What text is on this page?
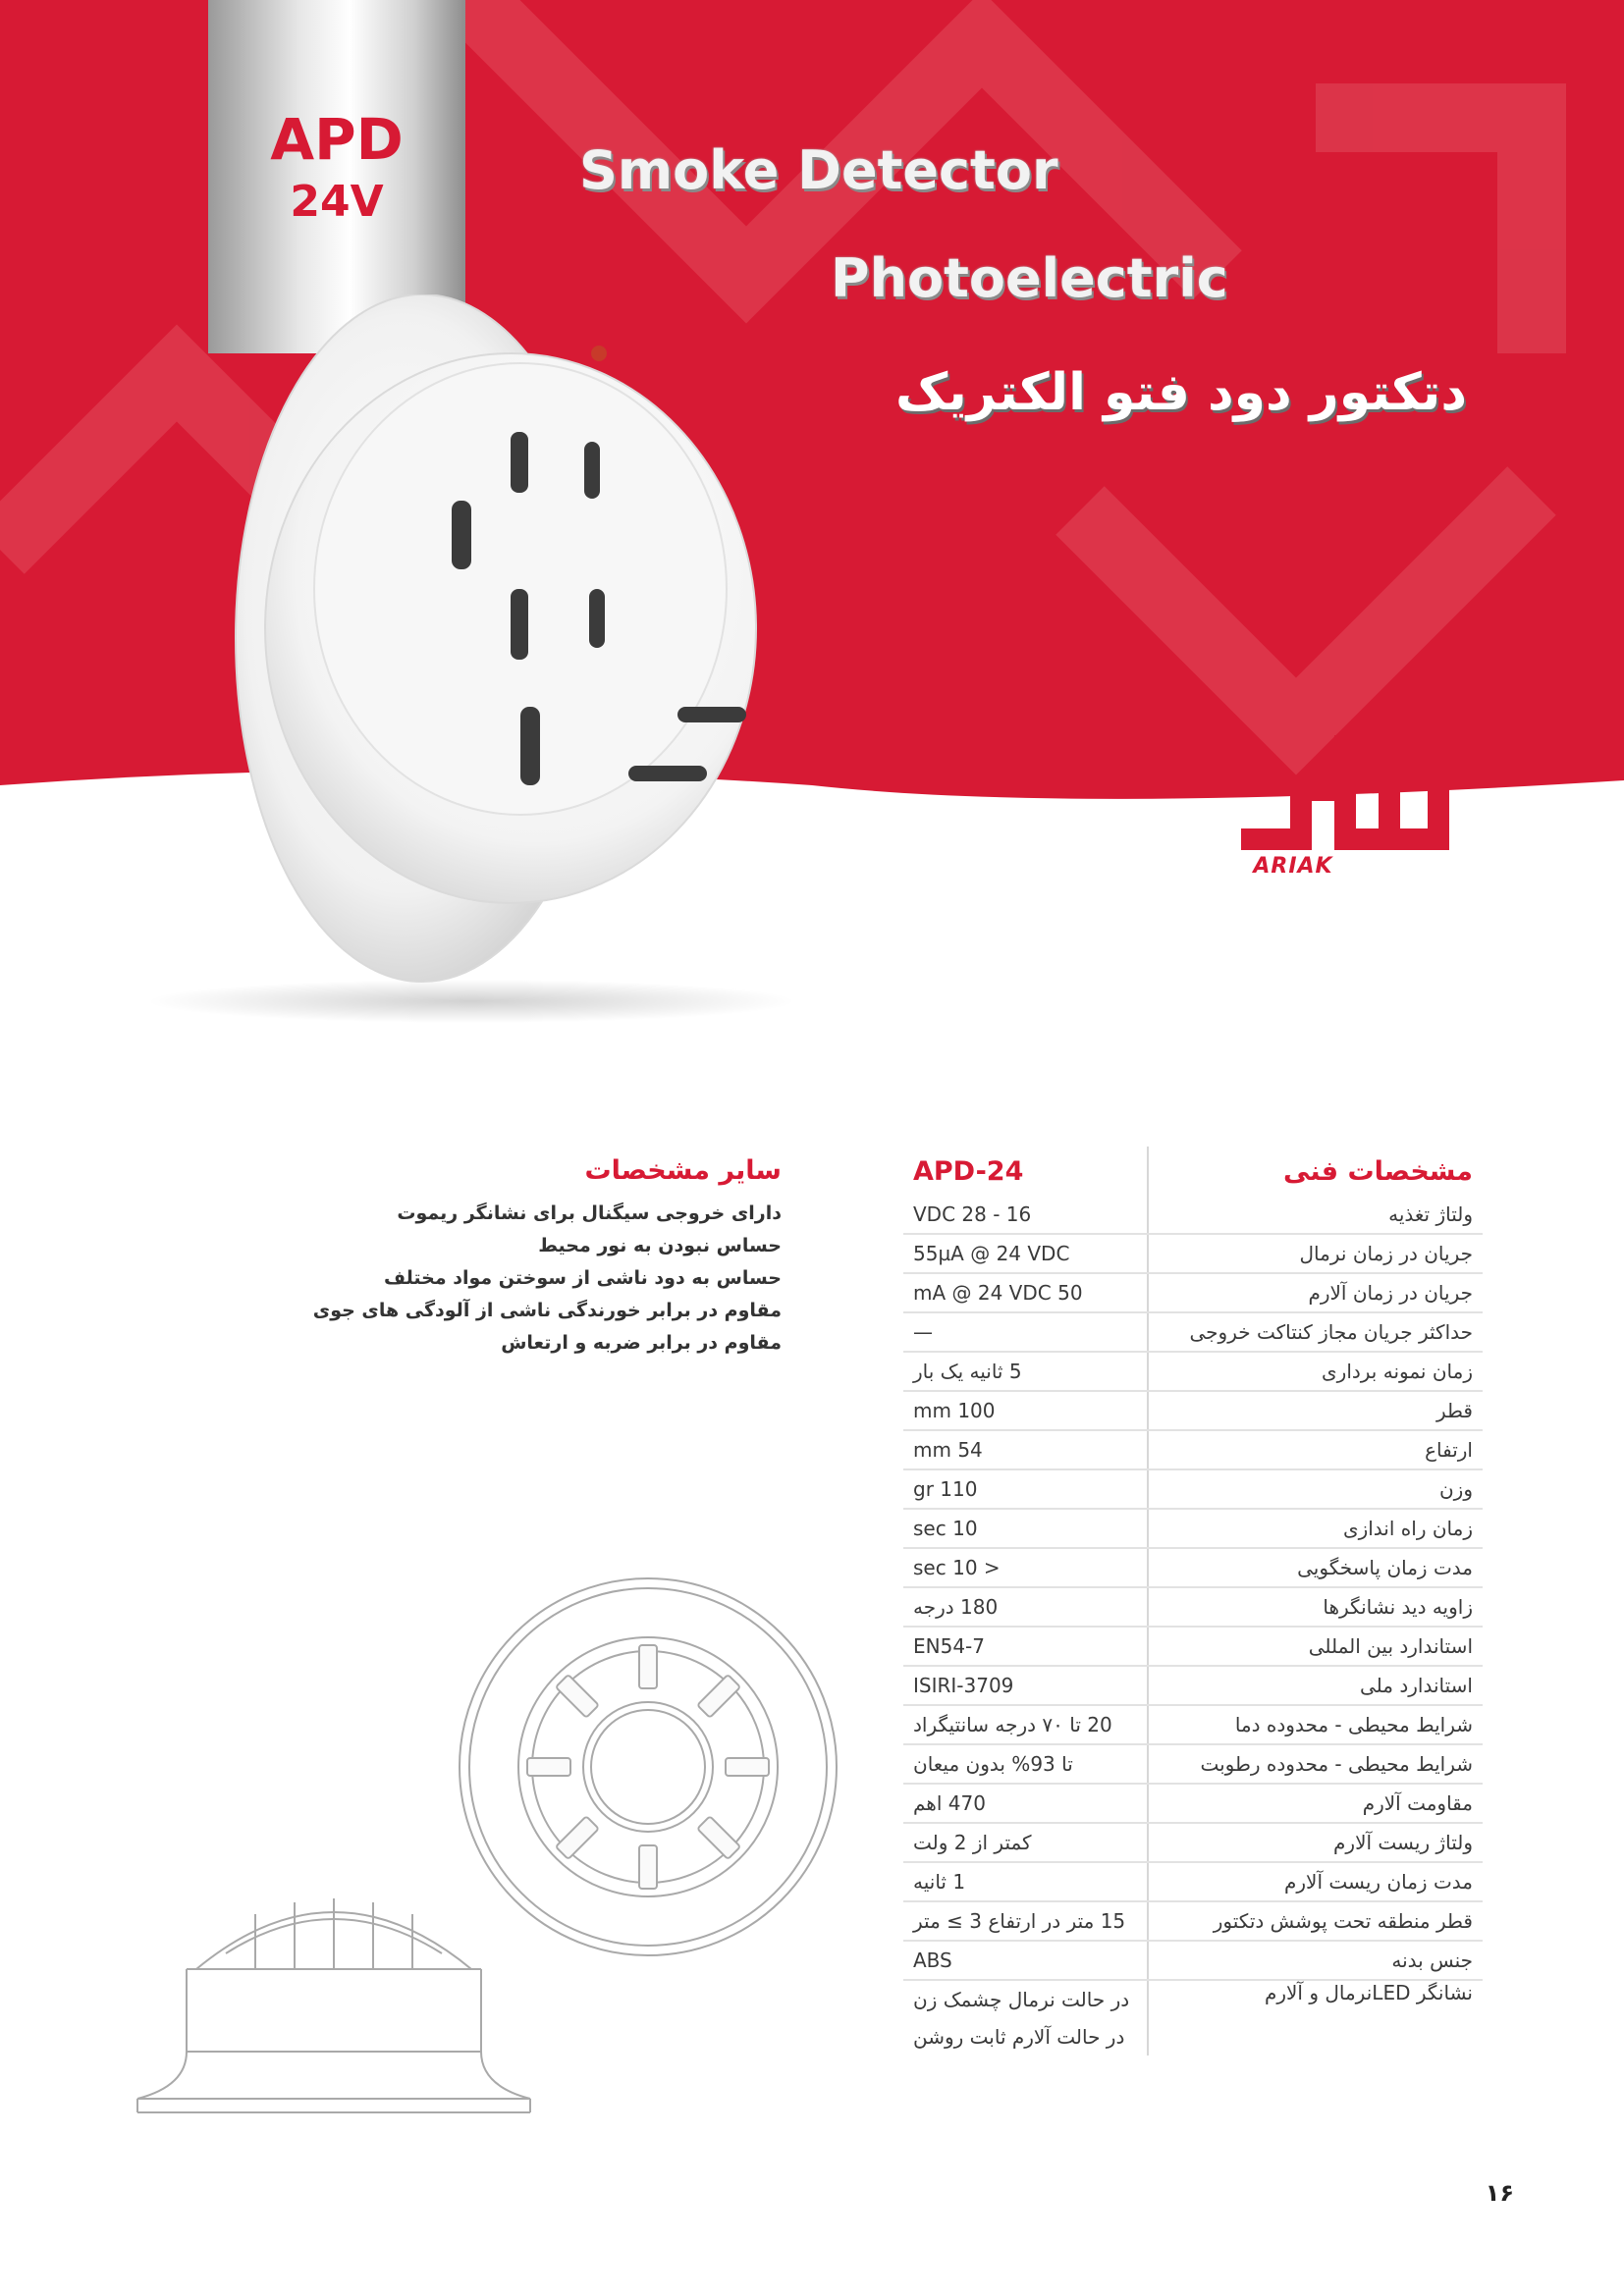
APD

24V

Smoke Detector

Photoelectric

دتکتور دود فتو الکتریک

ARIAK

مشخصات فنی	APD-24
ولتاژ تغذیه	16 - 28 VDC
جریان در زمان نرمال	55µA @ 24 VDC
جریان در زمان آلارم	50 mA @ 24 VDC
حداکثر جریان مجاز کنتاکت خروجی	—
زمان نمونه برداری	5 ثانیه یک بار
قطر	100 mm
ارتفاع	54 mm
وزن	110 gr
زمان راه اندازی	10 sec
مدت زمان پاسخگویی	< 10 sec
زاویه دید نشانگرها	180 درجه
استاندارد بین المللی	EN54-7
استاندارد ملی	ISIRI-3709
شرایط محیطی - محدوده دما	20 تا ۷۰ درجه سانتیگراد
شرایط محیطی - محدوده رطوبت	تا 93% بدون میعان
مقاومت آلارم	470 اهم
ولتاژ ریست آلارم	کمتر از 2 ولت
مدت زمان ریست آلارم	1 ثانیه
قطر منطقه تحت پوشش دتکتور	15 متر در ارتفاع 3 ≥ متر
جنس بدنه	ABS
نشانگر LEDنرمال و آلارم	در حالت نرمال چشمک زن
در حالت آلارم ثابت روشن

سایر مشخصات

دارای خروجی سیگنال برای نشانگر ریموت
حساس نبودن به نور محیط
حساس به دود ناشی از سوختن مواد مختلف
مقاوم در برابر خورندگی ناشی از آلودگی های جوی
مقاوم در برابر ضربه و ارتعاش

۱۶
